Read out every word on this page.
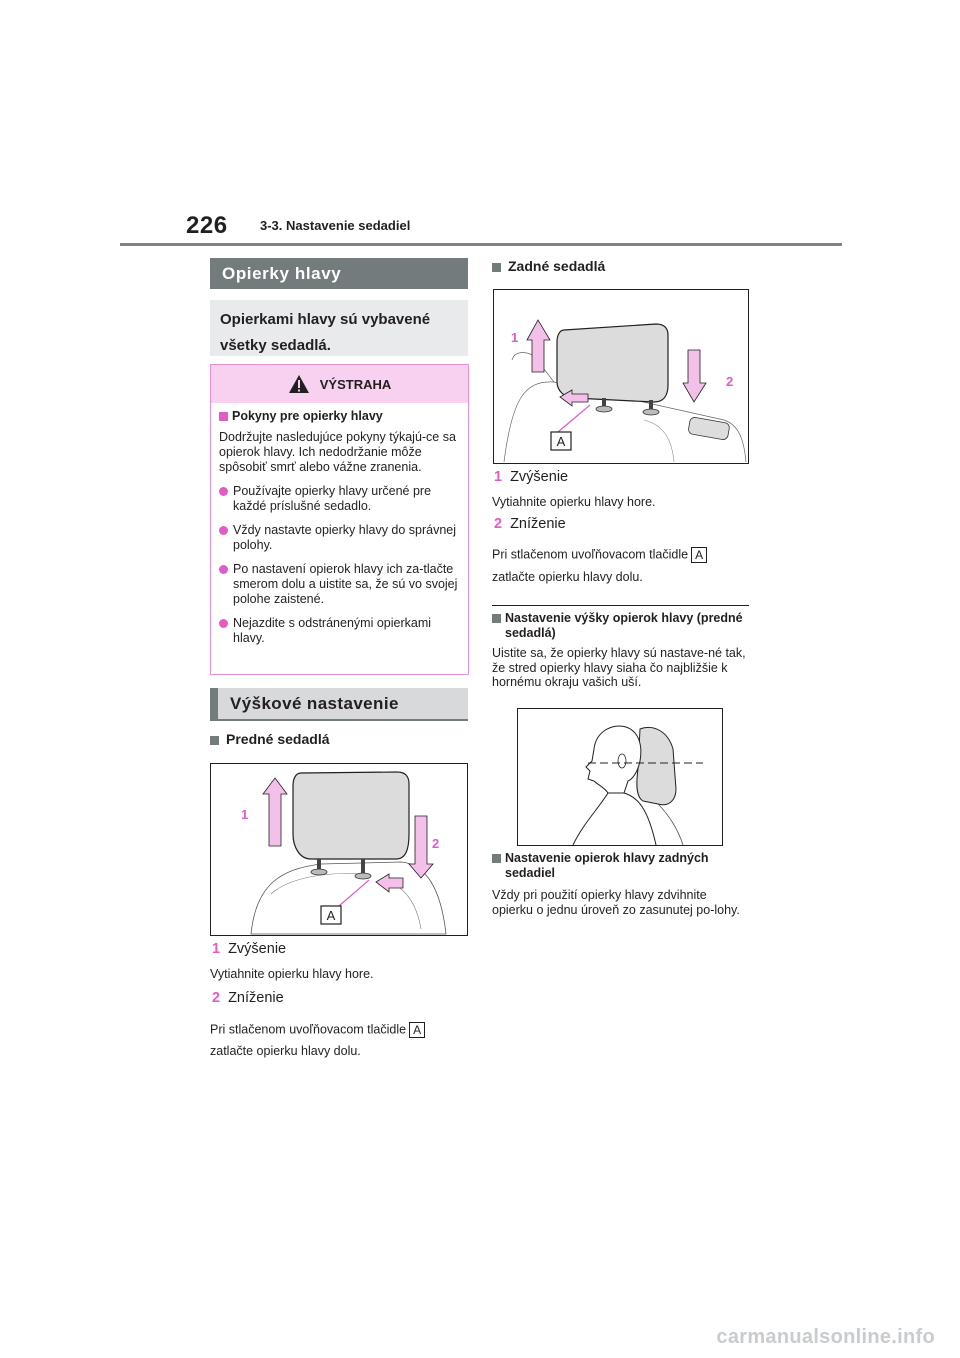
226 3-3. Nastavenie sedadiel
Opierky hlavy
Opierkami hlavy sú vybavené všetky sedadlá.
VÝSTRAHA
Pokyny pre opierky hlavy

Dodržujte nasledujúce pokyny týkajú-ce sa opierok hlavy. Ich nedodržanie môže spôsobiť smrť alebo vážne zranenia.

Používajte opierky hlavy určené pre každé príslušné sedadlo.
Vždy nastavte opierky hlavy do správnej polohy.
Po nastavení opierok hlavy ich za-tlačte smerom dolu a uistite sa, že sú vo svojej polohe zaistené.
Nejazdite s odstránenými opierkami hlavy.
Výškové nastavenie
Predné sedadlá
A
1
2
1 Zvýšenie
Vytiahnite opierku hlavy hore.
2 Zníženie
Pri stlačenom uvoľňovacom tlačidle A
zatlačte opierku hlavy dolu.
Zadné sedadlá
A
1
2
1 Zvýšenie
Vytiahnite opierku hlavy hore.
2 Zníženie
Pri stlačenom uvoľňovacom tlačidle A
zatlačte opierku hlavy dolu.
Nastavenie výšky opierok hlavy (predné sedadlá)
Uistite sa, že opierky hlavy sú nastave-né tak, že stred opierky hlavy siaha čo najbližšie k hornému okraju vašich uší.
Nastavenie opierok hlavy zadných sedadiel
Vždy pri použití opierky hlavy zdvihnite opierku o jednu úroveň zo zasunutej po-lohy.
carmanualsonline.info
